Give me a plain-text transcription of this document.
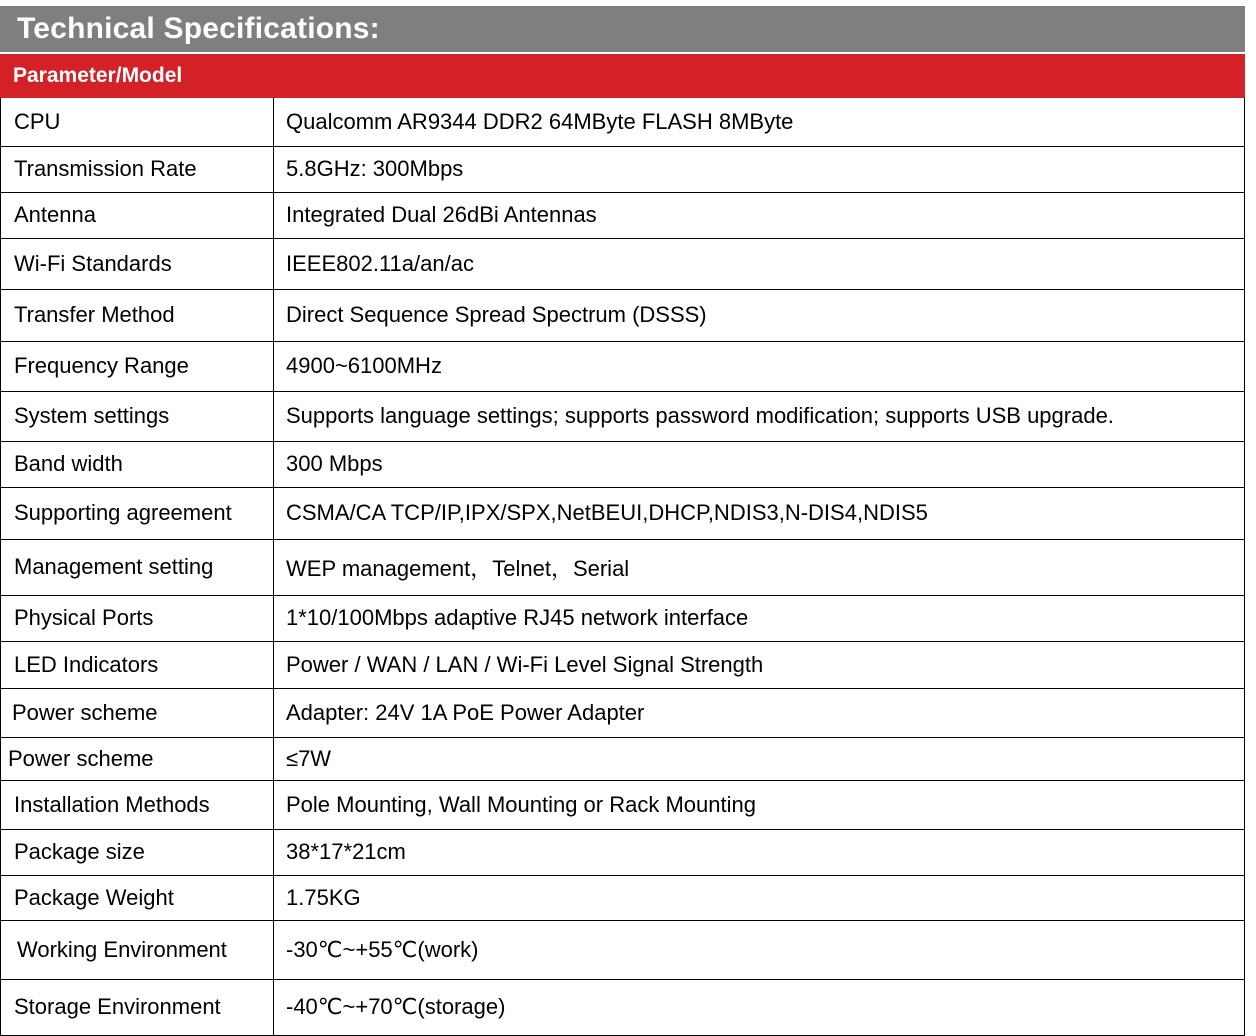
Technical Specifications:
Parameter/Model
CPU	Qualcomm AR9344 DDR2 64MByte FLASH 8MByte
Transmission Rate	5.8GHz: 300Mbps
Antenna	Integrated Dual 26dBi Antennas
Wi-Fi Standards	IEEE802.11a/an/ac
Transfer Method	Direct Sequence Spread Spectrum (DSSS)
Frequency Range	4900~6100MHz
System settings	Supports language settings; supports password modification; supports USB upgrade.
Band width	300 Mbps
Supporting agreement	CSMA/CA TCP/IP,IPX/SPX,NetBEUI,DHCP,NDIS3,N-DIS4,NDIS5
Management setting	WEP management，Telnet，Serial
Physical Ports	1*10/100Mbps adaptive RJ45 network interface
LED Indicators	Power / WAN / LAN / Wi-Fi Level Signal Strength
Power scheme	Adapter: 24V 1A PoE Power Adapter
Power scheme	≤7W
Installation Methods	Pole Mounting, Wall Mounting or Rack Mounting
Package size	38*17*21cm
Package Weight	1.75KG
Working Environment	-30℃~+55℃(work)
Storage Environment	-40℃~+70℃(storage)
